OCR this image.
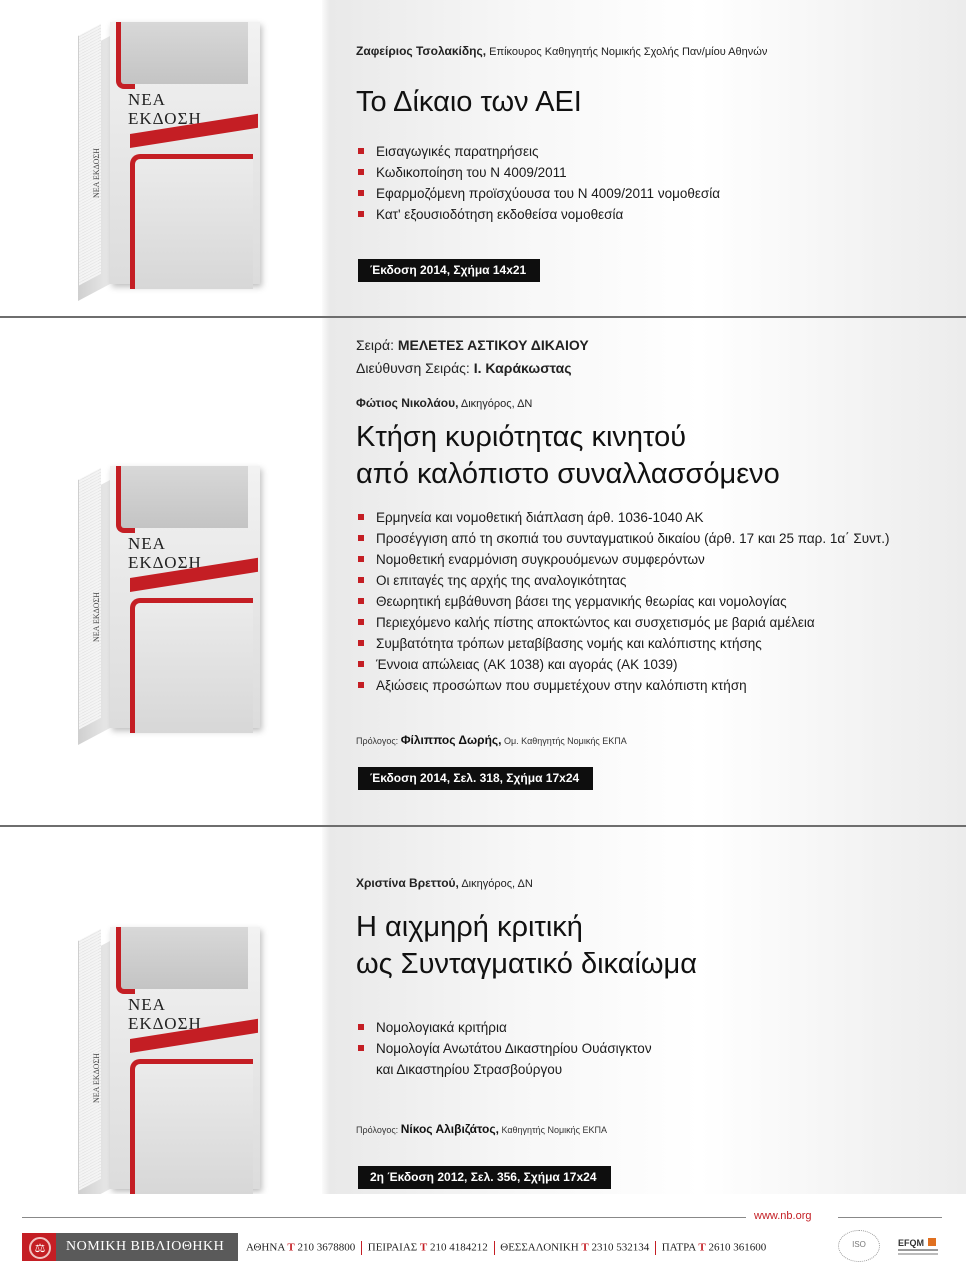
ΝΕΑ
ΕΚΔΟΣΗ
ΝΕΑ ΕΚΔΟΣΗ
Ζαφείριος Τσολακίδης, Επίκουρος Καθηγητής Νομικής Σχολής Παν/μίου Αθηνών
Το Δίκαιο των ΑΕΙ
Εισαγωγικές παρατηρήσεις
Κωδικοποίηση του Ν 4009/2011
Εφαρμοζόμενη προϊσχύουσα του Ν 4009/2011 νομοθεσία
Κατ' εξουσιοδότηση εκδοθείσα νομοθεσία
Έκδοση 2014, Σχήμα 14x21
ΝΕΑ
ΕΚΔΟΣΗ
ΝΕΑ ΕΚΔΟΣΗ
Σειρά: ΜΕΛΕΤΕΣ ΑΣΤΙΚΟΥ ΔΙΚΑΙΟΥ
Διεύθυνση Σειράς: Ι. Καράκωστας
Φώτιος Νικολάου, Δικηγόρος, ΔΝ
Κτήση κυριότητας κινητού
από καλόπιστο συναλλασσόμενο
Ερμηνεία και νομοθετική διάπλαση άρθ. 1036-1040 ΑΚ
Προσέγγιση από τη σκοπιά του συνταγματικού δικαίου (άρθ. 17 και 25 παρ. 1α΄ Συντ.)
Νομοθετική εναρμόνιση συγκρουόμενων συμφερόντων
Οι επιταγές της αρχής της αναλογικότητας
Θεωρητική εμβάθυνση βάσει της γερμανικής θεωρίας και νομολογίας
Περιεχόμενο καλής πίστης αποκτώντος και συσχετισμός με βαριά αμέλεια
Συμβατότητα τρόπων μεταβίβασης νομής και καλόπιστης κτήσης
Έννοια απώλειας (ΑΚ 1038) και αγοράς (ΑΚ 1039)
Αξιώσεις προσώπων που συμμετέχουν στην καλόπιστη κτήση
Πρόλογος: Φίλιππος Δωρής, Ομ. Καθηγητής Νομικής ΕΚΠΑ
Έκδοση 2014, Σελ. 318, Σχήμα 17x24
ΝΕΑ
ΕΚΔΟΣΗ
ΝΕΑ ΕΚΔΟΣΗ
Χριστίνα Βρεττού, Δικηγόρος, ΔΝ
Η αιχμηρή κριτική
ως Συνταγματικό δικαίωμα
Νομολογιακά κριτήρια
Νομολογία Ανωτάτου Δικαστηρίου Ουάσιγκτον
και Δικαστηρίου Στρασβούργου
Πρόλογος: Νίκος Αλιβιζάτος, Καθηγητής Νομικής ΕΚΠΑ
2η Έκδοση 2012, Σελ. 356, Σχήμα 17x24
www.nb.org
⚖	ΝΟΜΙΚΗ ΒΙΒΛΙΟΘΗΚΗ ΑΘΗΝΑ Τ 210 3678800 ΠΕΙΡΑΙΑΣ Τ 210 4184212 ΘΕΣΣΑΛΟΝΙΚΗ Τ 2310 532134 ΠΑΤΡΑ Τ 2610 361600	ISO	EFQM
